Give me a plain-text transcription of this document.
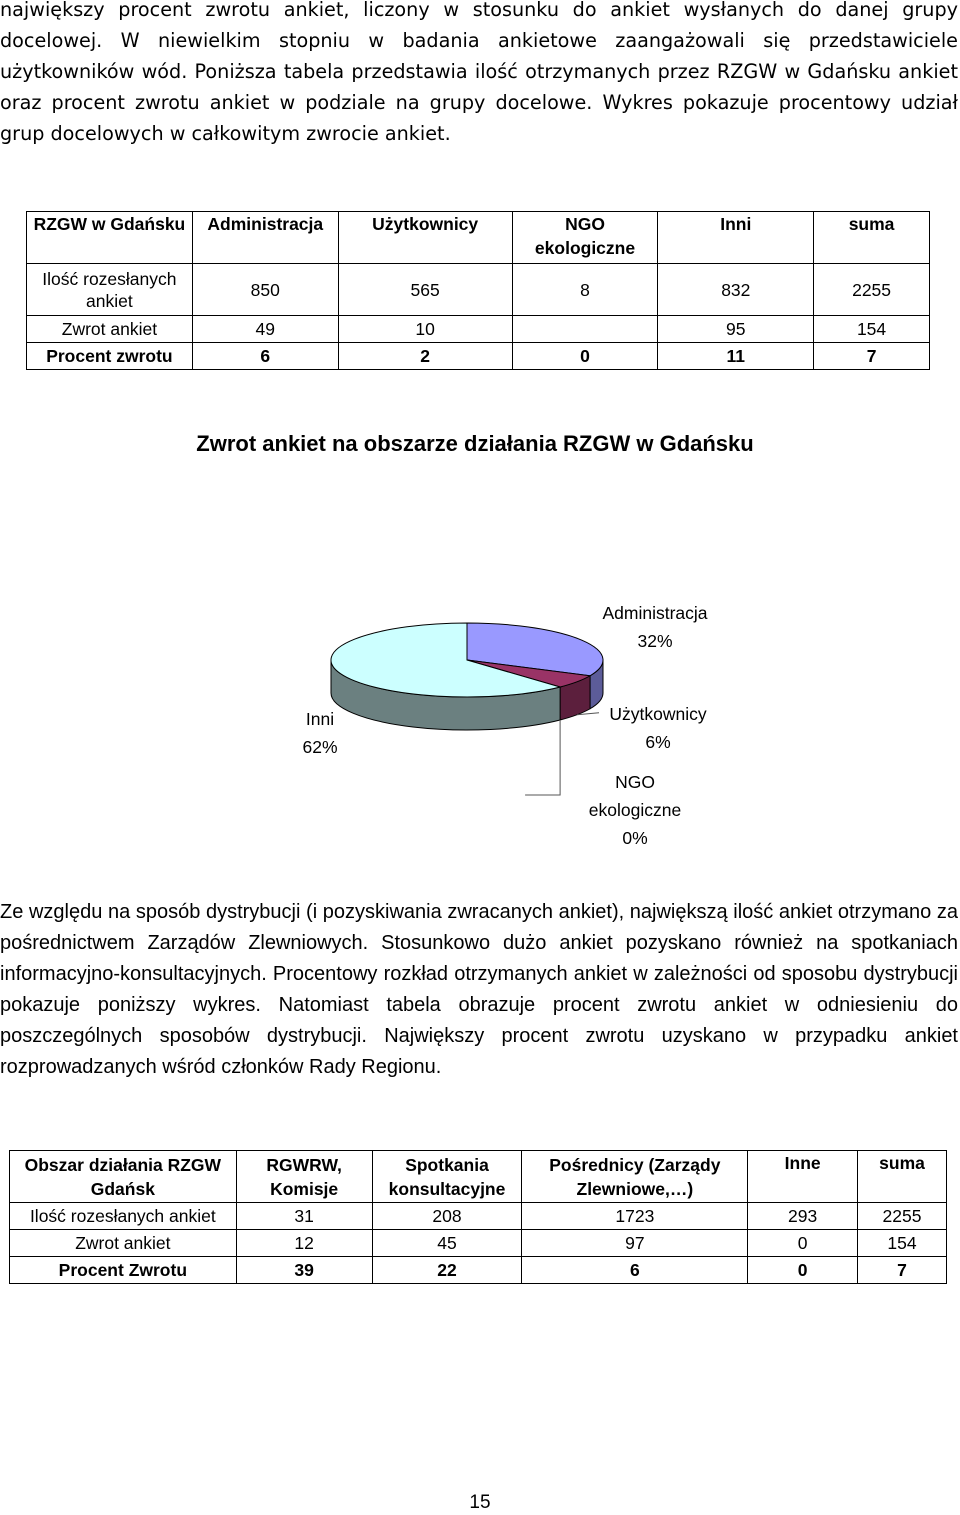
największy procent zwrotu ankiet, liczony w stosunku do ankiet wysłanych do danej grupy docelowej. W niewielkim stopniu w badania ankietowe zaangażowali się przedstawiciele użytkowników wód. Poniższa tabela przedstawia ilość otrzymanych przez RZGW w Gdańsku ankiet oraz procent zwrotu ankiet w podziale na grupy docelowe. Wykres pokazuje procentowy udział grup docelowych w całkowitym zwrocie ankiet.

RZGW w Gdańsku	Administracja	Użytkownicy	NGO ekologiczne	Inni	suma
Ilość rozesłanych ankiet	850	565	8	832	2255
Zwrot ankiet	49	10		95	154
Procent zwrotu	6	2	0	11	7
Zwrot ankiet na obszarze działania RZGW w Gdańsku
Administracja
32%
Użytkownicy
6%
NGO ekologiczne
0%
Inni
62%

Ze względu na sposób dystrybucji (i pozyskiwania zwracanych ankiet), największą ilość ankiet otrzymano za pośrednictwem Zarządów Zlewniowych. Stosunkowo dużo ankiet pozyskano również na spotkaniach informacyjno-konsultacyjnych. Procentowy rozkład otrzymanych ankiet w zależności od sposobu dystrybucji pokazuje poniższy wykres. Natomiast tabela obrazuje procent zwrotu ankiet w odniesieniu do poszczególnych sposobów dystrybucji. Największy procent zwrotu uzyskano w przypadku ankiet rozprowadzanych wśród członków Rady Regionu.

Obszar działania RZGW Gdańsk	RGWRW, Komisje	Spotkania konsultacyjne	Pośrednicy (Zarządy Zlewniowe,…)	Inne	suma
Ilość rozesłanych ankiet	31	208	1723	293	2255
Zwrot ankiet	12	45	97	0	154
Procent Zwrotu	39	22	6	0	7
15
